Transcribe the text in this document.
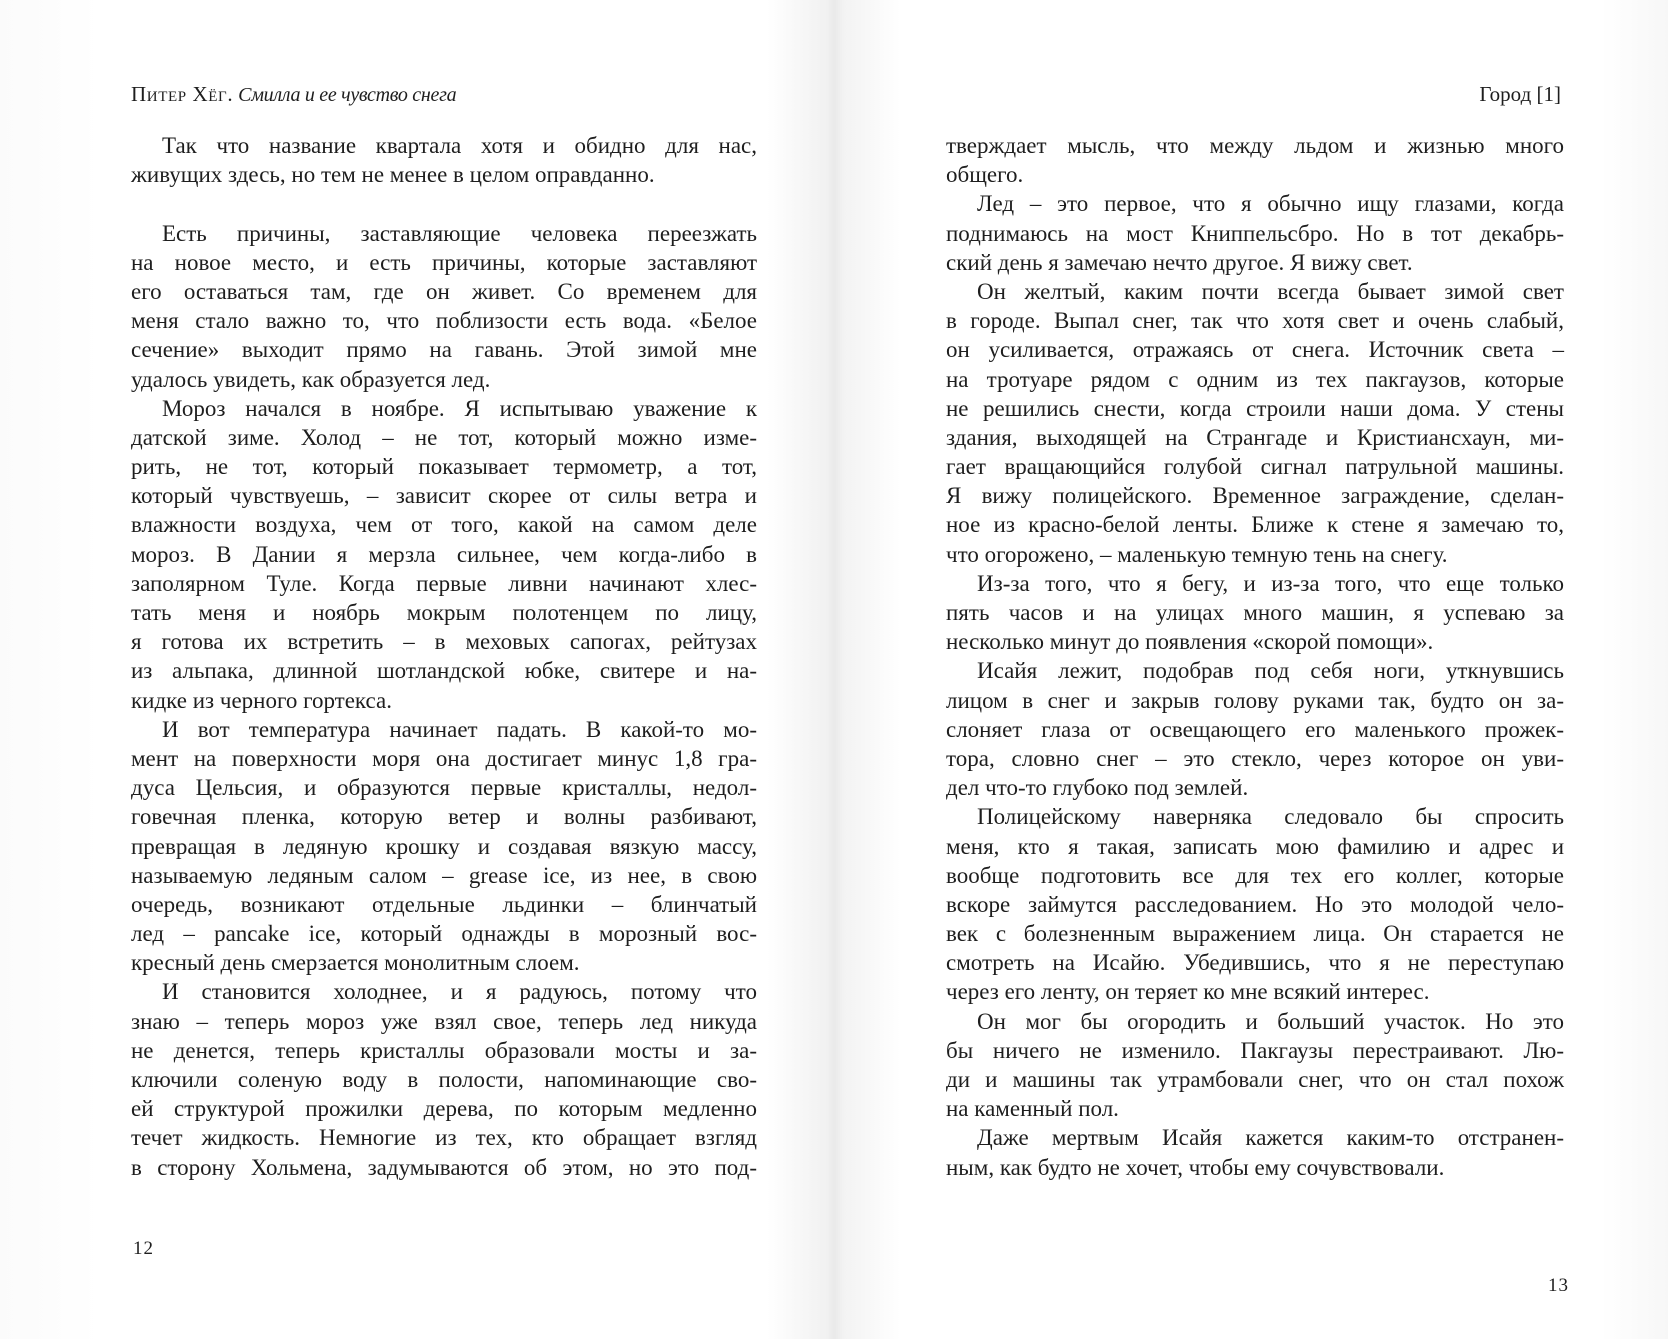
Питер Хёг. Смилла и ее чувство снега	Город [1]
Так что название квартала хотя и обидно для нас,
живущих здесь, но тем не менее в целом оправданно.
Есть причины, заставляющие человека переезжать
на новое место, и есть причины, которые заставляют
его оставаться там, где он живет. Со временем для
меня стало важно то, что поблизости есть вода. «Белое
сечение» выходит прямо на гавань. Этой зимой мне
удалось увидеть, как образуется лед.
Мороз начался в ноябре. Я испытываю уважение к
датской зиме. Холод – не тот, который можно изме-
рить, не тот, который показывает термометр, а тот,
который чувствуешь, – зависит скорее от силы ветра и
влажности воздуха, чем от того, какой на самом деле
мороз. В Дании я мерзла сильнее, чем когда-либо в
заполярном Туле. Когда первые ливни начинают хлес-
тать меня и ноябрь мокрым полотенцем по лицу,
я готова их встретить – в меховых сапогах, рейтузах
из альпака, длинной шотландской юбке, свитере и на-
кидке из черного гортекса.
И вот температура начинает падать. В какой-то мо-
мент на поверхности моря она достигает минус 1,8 гра-
дуса Цельсия, и образуются первые кристаллы, недол-
говечная пленка, которую ветер и волны разбивают,
превращая в ледяную крошку и создавая вязкую массу,
называемую ледяным салом – grease ice, из нее, в свою
очередь, возникают отдельные льдинки – блинчатый
лед – pancake ice, который однажды в морозный вос-
кресный день смерзается монолитным слоем.
И становится холоднее, и я радуюсь, потому что
знаю – теперь мороз уже взял свое, теперь лед никуда
не денется, теперь кристаллы образовали мосты и за-
ключили соленую воду в полости, напоминающие сво-
ей структурой прожилки дерева, по которым медленно
течет жидкость. Немногие из тех, кто обращает взгляд
в сторону Хольмена, задумываются об этом, но это под-
тверждает мысль, что между льдом и жизнью много
общего.
Лед – это первое, что я обычно ищу глазами, когда
поднимаюсь на мост Книппельсбро. Но в тот декабрь-
ский день я замечаю нечто другое. Я вижу свет.
Он желтый, каким почти всегда бывает зимой свет
в городе. Выпал снег, так что хотя свет и очень слабый,
он усиливается, отражаясь от снега. Источник света –
на тротуаре рядом с одним из тех пакгаузов, которые
не решились снести, когда строили наши дома. У стены
здания, выходящей на Странгаде и Кристиансхаун, ми-
гает вращающийся голубой сигнал патрульной машины.
Я вижу полицейского. Временное заграждение, сделан-
ное из красно-белой ленты. Ближе к стене я замечаю то,
что огорожено, – маленькую темную тень на снегу.
Из-за того, что я бегу, и из-за того, что еще только
пять часов и на улицах много машин, я успеваю за
несколько минут до появления «скорой помощи».
Исайя лежит, подобрав под себя ноги, уткнувшись
лицом в снег и закрыв голову руками так, будто он за-
слоняет глаза от освещающего его маленького прожек-
тора, словно снег – это стекло, через которое он уви-
дел что-то глубоко под землей.
Полицейскому наверняка следовало бы спросить
меня, кто я такая, записать мою фамилию и адрес и
вообще подготовить все для тех его коллег, которые
вскоре займутся расследованием. Но это молодой чело-
век с болезненным выражением лица. Он старается не
смотреть на Исайю. Убедившись, что я не переступаю
через его ленту, он теряет ко мне всякий интерес.
Он мог бы огородить и больший участок. Но это
бы ничего не изменило. Пакгаузы перестраивают. Лю-
ди и машины так утрамбовали снег, что он стал похож
на каменный пол.
Даже мертвым Исайя кажется каким-то отстранен-
ным, как будто не хочет, чтобы ему сочувствовали.
12
13
